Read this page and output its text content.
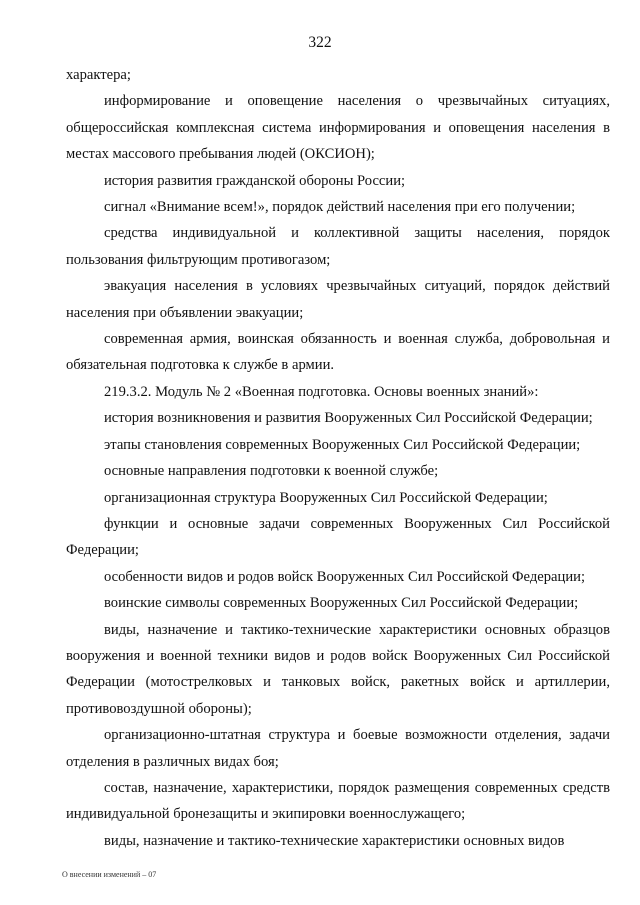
322

характера;

информирование и оповещение населения о чрезвычайных ситуациях, общероссийская комплексная система информирования и оповещения населения в местах массового пребывания людей (ОКСИОН);

история развития гражданской обороны России;

сигнал «Внимание всем!», порядок действий населения при его получении;

средства индивидуальной и коллективной защиты населения, порядок пользования фильтрующим противогазом;

эвакуация населения в условиях чрезвычайных ситуаций, порядок действий населения при объявлении эвакуации;

современная армия, воинская обязанность и военная служба, добровольная и обязательная подготовка к службе в армии.

219.3.2. Модуль № 2 «Военная подготовка. Основы военных знаний»:

история возникновения и развития Вооруженных Сил Российской Федерации;

этапы становления современных Вооруженных Сил Российской Федерации;

основные направления подготовки к военной службе;

организационная структура Вооруженных Сил Российской Федерации;

функции и основные задачи современных Вооруженных Сил Российской Федерации;

особенности видов и родов войск Вооруженных Сил Российской Федерации;

воинские символы современных Вооруженных Сил Российской Федерации;

виды, назначение и тактико-технические характеристики основных образцов вооружения и военной техники видов и родов войск Вооруженных Сил Российской Федерации (мотострелковых и танковых войск, ракетных войск и артиллерии, противовоздушной обороны);

организационно-штатная структура и боевые возможности отделения, задачи отделения в различных видах боя;

состав, назначение, характеристики, порядок размещения современных средств индивидуальной бронезащиты и экипировки военнослужащего;

виды, назначение и тактико-технические характеристики основных видов

О внесении изменений – 07
